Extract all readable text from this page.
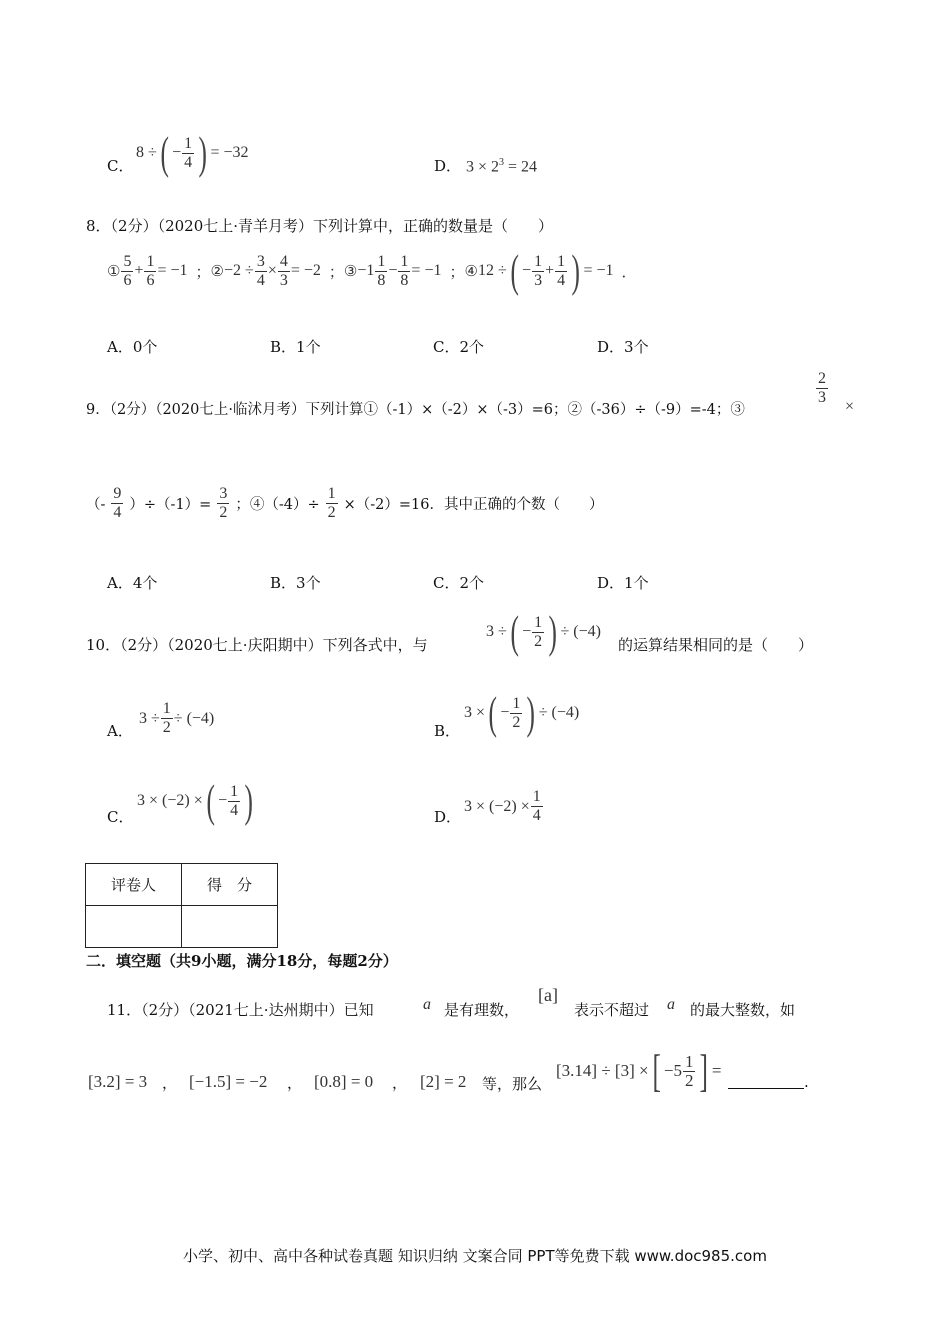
C．
8 ÷ ( − $\frac{1}{4}$ ) = −32
D． $3 \times 2^3 = 24$
8．（2分）（2020七上·青羊月考）下列计算中，正确的数量是（　　）
① $\frac{5}{6} + \frac{1}{6} = -1$ ； ② $-2 \div \frac{3}{4} \times \frac{4}{3} = -2$ ； ③ $-1 \frac{1}{8} - \frac{1}{8} = -1$ ； ④ 12 ÷ ( − $\frac{1}{3} + \frac{1}{4}$ ) = −1 ．
A．0个	B．1个	C．2个	D．3个
9．（2分）（2020七上·临沭月考）下列计算①（-1）×（-2）×（-3）=6；②（-36）÷（-9）=-4；③
$\frac{2}{3}$ ×
（- $\frac{9}{4} )\div(-1)= \frac{3}{2}$ ；④（-4）÷ $\frac{1}{2} \times(-2)=16$．其中正确的个数（　　）
A．4个	B．3个	C．2个	D．1个
10．（2分）（2020七上·庆阳期中）下列各式中，与
3 ÷ ( − $\frac{1}{2}$ ) ÷ (−4)
的运算结果相同的是（　　）
A．
$3 \div \frac{1}{2} \div (-4)$
B．
3 × ( − $\frac{1}{2}$ ) ÷ (−4)
C．
3 × (−2) × ( − $\frac{1}{4}$ )	D．
$3 \times (-2) \times \frac{1}{4}$
评卷人	得　分

二．填空题（共9小题，满分18分，每题2分）
11．（2分）（2021七上·达州期中）已知	a 是有理数，
[a]
表示不超过 a 的最大整数，如
[3.2] = 3 ， [−1.5] = −2 ， [0.8] = 0 ， [2] = 2 等，那么
[3.14] ÷ [3] × [ $-5 \frac{1}{2}$ ] =
.
小学、初中、高中各种试卷真题 知识归纳 文案合同 PPT等免费下载 www.doc985.com
